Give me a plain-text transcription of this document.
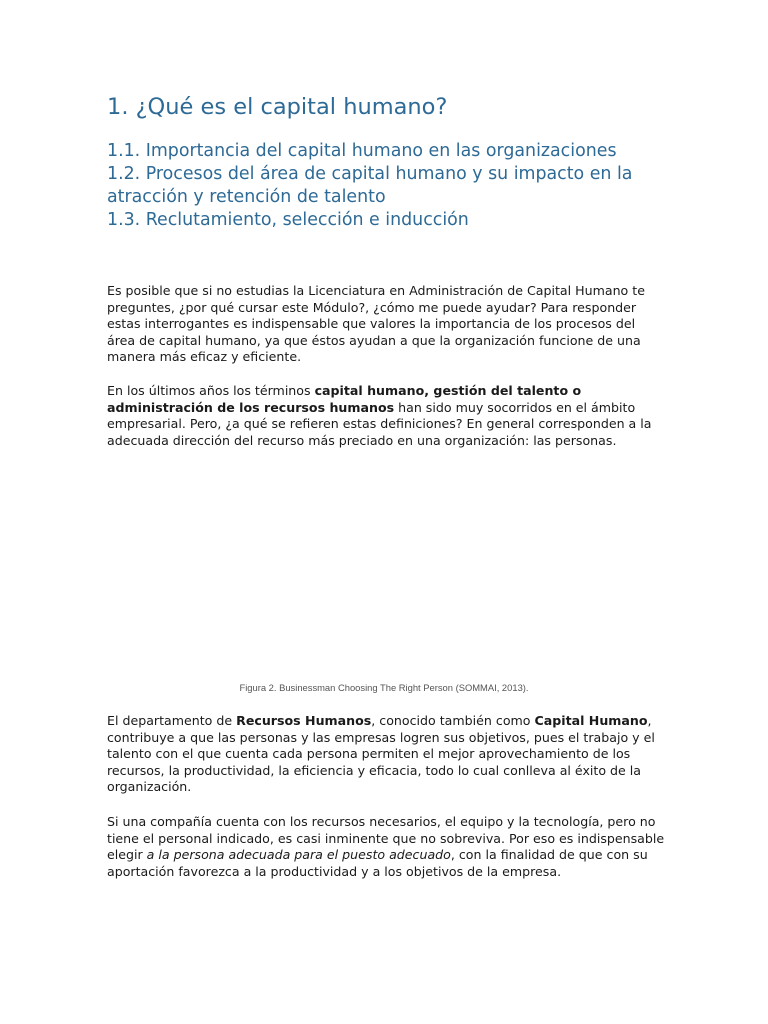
1. ¿Qué es el capital humano?

1.1. Importancia del capital humano en las organizaciones

1.2. Procesos del área de capital humano y su impacto en la atracción y retención de talento

1.3. Reclutamiento, selección e inducción

Es posible que si no estudias la Licenciatura en Administración de Capital Humano te preguntes, ¿por qué cursar este Módulo?, ¿cómo me puede ayudar? Para responder estas interrogantes es indispensable que valores la importancia de los procesos del área de capital humano, ya que éstos ayudan a que la organización funcione de una manera más eficaz y eficiente.

En los últimos años los términos capital humano, gestión del talento o administración de los recursos humanos han sido muy socorridos en el ámbito empresarial. Pero, ¿a qué se refieren estas definiciones? En general corresponden a la adecuada dirección del recurso más preciado en una organización: las personas.

Figura 2. Businessman Choosing The Right Person (SOMMAI, 2013).

El departamento de Recursos Humanos, conocido también como Capital Humano, contribuye a que las personas y las empresas logren sus objetivos, pues el trabajo y el talento con el que cuenta cada persona permiten el mejor aprovechamiento de los recursos, la productividad, la eficiencia y eficacia, todo lo cual conlleva al éxito de la organización.

Si una compañía cuenta con los recursos necesarios, el equipo y la tecnología, pero no tiene el personal indicado, es casi inminente que no sobreviva. Por eso es indispensable elegir a la persona adecuada para el puesto adecuado, con la finalidad de que con su aportación favorezca a la productividad y a los objetivos de la empresa.
